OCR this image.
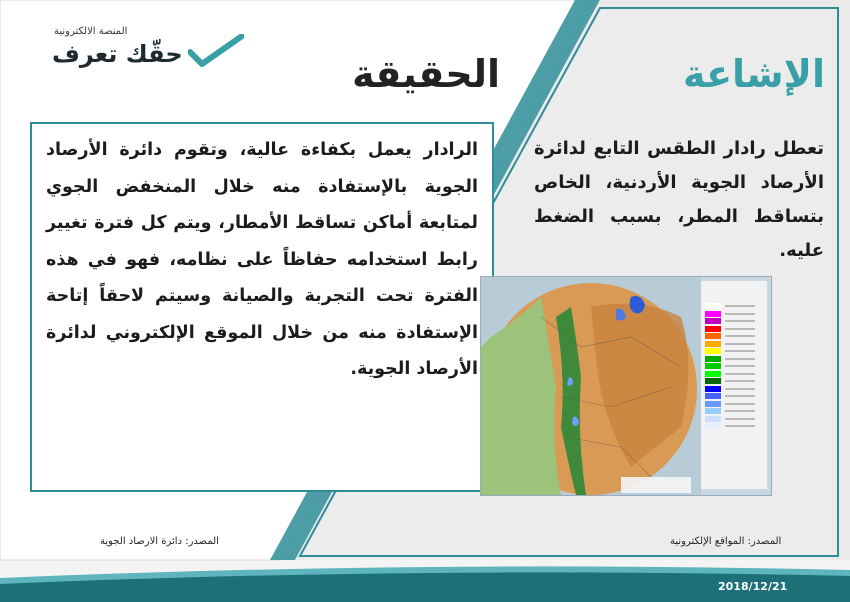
المنصة الالكترونية
حقّك تعرف	الحقيقة	الإشاعة
الرادار يعمل بكفاءة عالية، وتقوم دائرة الأرصاد الجوية بالإستفادة منه خلال المنخفض الجوي لمتابعة أماكن تساقط الأمطار، ويتم كل فترة تغيير رابط استخدامه حفاظاً على نظامه، فهو في هذه الفترة تحت التجربة والصيانة وسيتم لاحقاً إتاحة الإستفادة منه من خلال الموقع الإلكتروني لدائرة الأرصاد الجوية.
تعطل رادار الطقس التابع لدائرة الأرصاد الجوية الأردنية، الخاص بتساقط المطر، بسبب الضغط عليه.
المصدر: دائرة الارصاد الجوية	المصدر: المواقع الإلكترونية
2018/12/21
